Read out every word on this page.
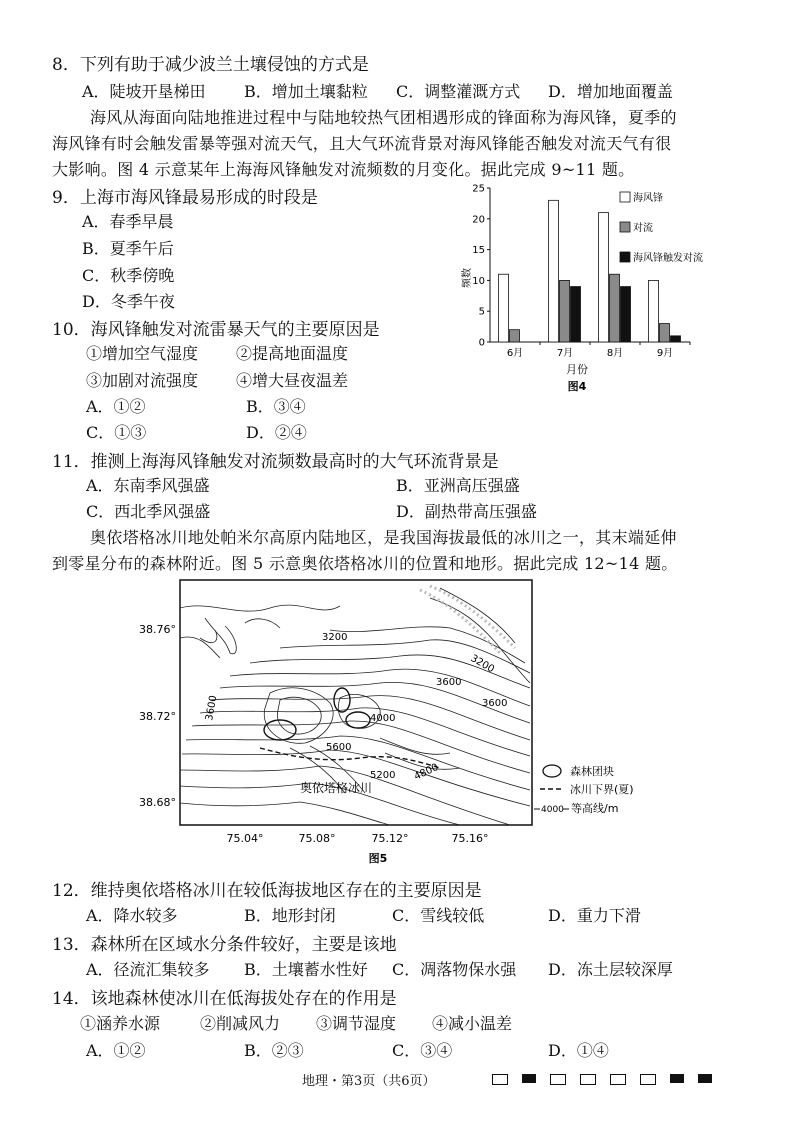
8．下列有助于减少波兰土壤侵蚀的方式是
A．陡坡开垦梯田 B．增加土壤黏粒 C．调整灌溉方式 D．增加地面覆盖
海风从海面向陆地推进过程中与陆地较热气团相遇形成的锋面称为海风锋，夏季的
海风锋有时会触发雷暴等强对流天气，且大气环流背景对海风锋能否触发对流天气有很
大影响。图 4 示意某年上海海风锋触发对流频数的月变化。据此完成 9~11 题。
9．上海市海风锋最易形成的时段是
A．春季早晨
B．夏季午后
C．秋季傍晚
D．冬季午夜
10．海风锋触发对流雷暴天气的主要原因是
①增加空气湿度 ②提高地面温度
③加剧对流强度 ④增大昼夜温差
A．①②	B．③④
C．①③	D．②④
0
5
10
15
20
25
6月	7月	8月	9月
海风锋
对流
海风锋触发对流
频数
月份
图4
11．推测上海海风锋触发对流频数最高时的大气环流背景是
A．东南季风强盛	B．亚洲高压强盛
C．西北季风强盛	D．副热带高压强盛
奥依塔格冰川地处帕米尔高原内陆地区，是我国海拔最低的冰川之一，其末端延伸
到零星分布的森林附近。图 5 示意奥依塔格冰川的位置和地形。据此完成 12~14 题。
3200
3200
3600
3600	4000
4800
5200
5600
3600
奥依塔格冰川
38.76°
38.72°
38.68°
75.04°	75.08°	75.12°	75.16°
图5
森林团块
冰川下界(夏)
4000 等高线/m
12．维持奥依塔格冰川在较低海拔地区存在的主要原因是
A．降水较多	B．地形封闭	C．雪线较低	D．重力下滑
13．森林所在区域水分条件较好，主要是该地
A．径流汇集较多 B．土壤蓄水性好 C．凋落物保水强 D．冻土层较深厚
14．该地森林使冰川在低海拔处存在的作用是
①涵养水源 ②削减风力 ③调节湿度 ④减小温差
A．①②	B．②③	C．③④	D．①④
地理・第3页（共6页）
